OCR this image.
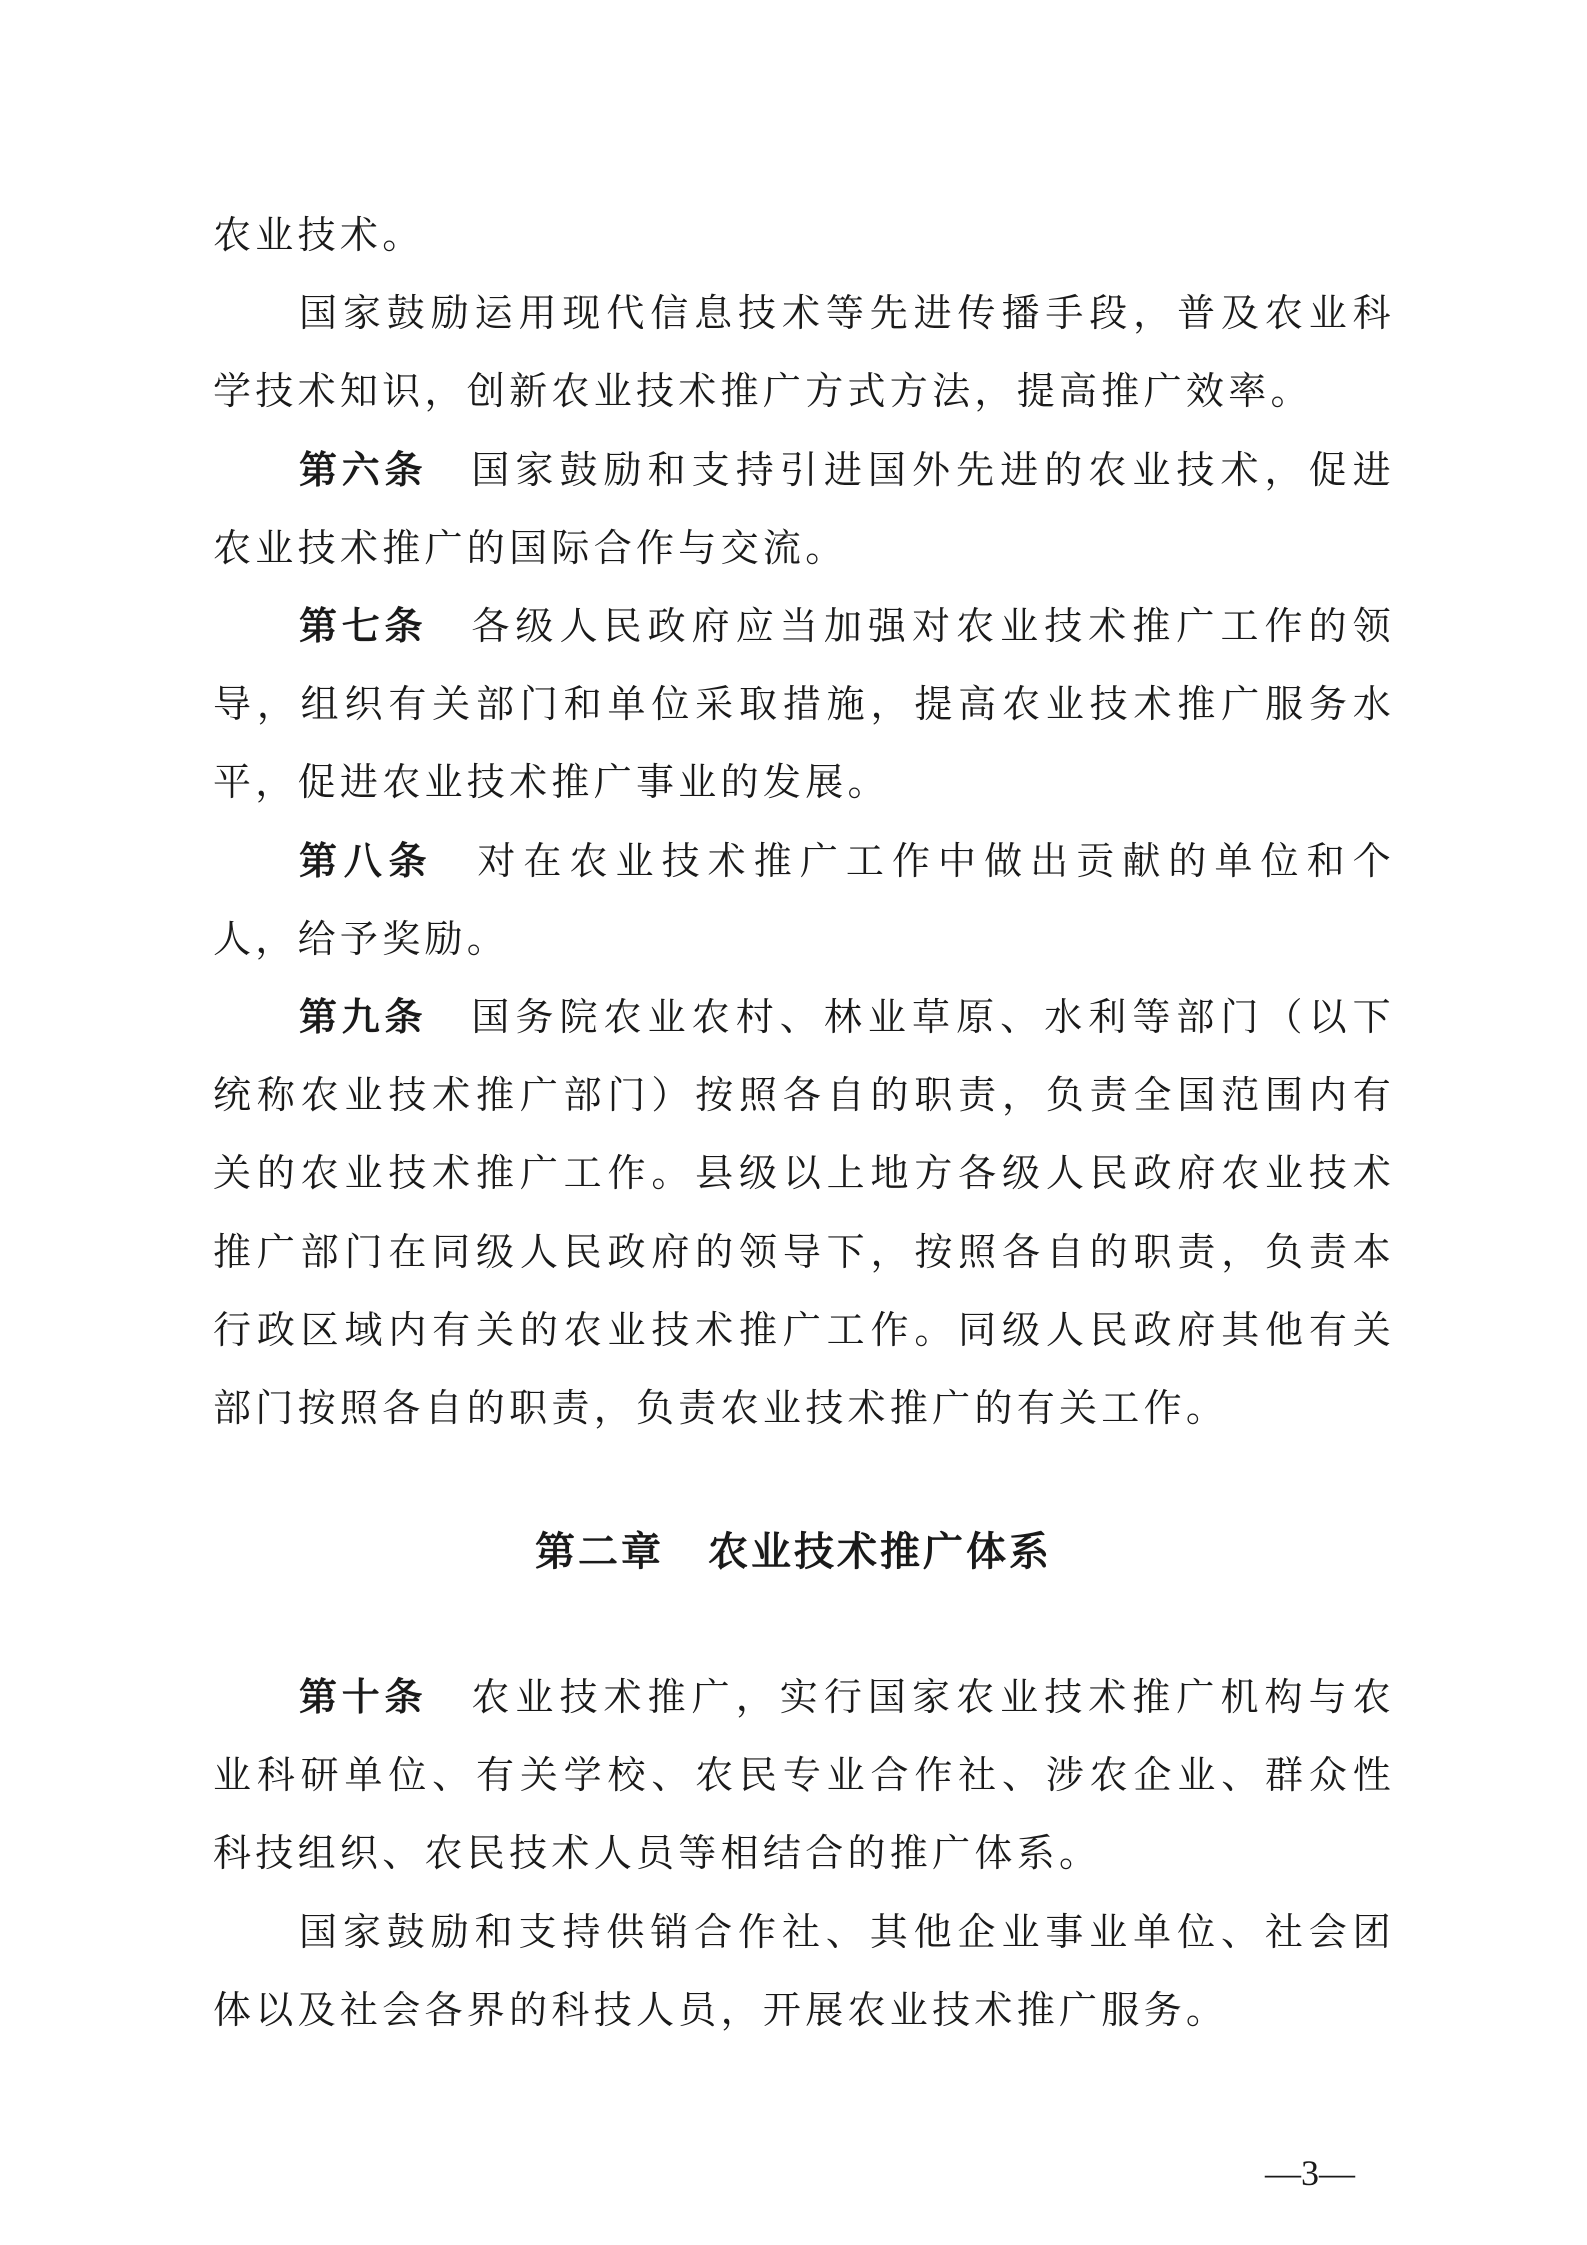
农业技术。

国家鼓励运用现代信息技术等先进传播手段，普及农业科学技术知识，创新农业技术推广方式方法，提高推广效率。

第六条 国家鼓励和支持引进国外先进的农业技术，促进农业技术推广的国际合作与交流。

第七条 各级人民政府应当加强对农业技术推广工作的领导，组织有关部门和单位采取措施，提高农业技术推广服务水平，促进农业技术推广事业的发展。

第八条 对在农业技术推广工作中做出贡献的单位和个人，给予奖励。

第九条 国务院农业农村、林业草原、水利等部门（以下统称农业技术推广部门）按照各自的职责，负责全国范围内有关的农业技术推广工作。县级以上地方各级人民政府农业技术推广部门在同级人民政府的领导下，按照各自的职责，负责本行政区域内有关的农业技术推广工作。同级人民政府其他有关部门按照各自的职责，负责农业技术推广的有关工作。

第二章 农业技术推广体系

第十条 农业技术推广，实行国家农业技术推广机构与农业科研单位、有关学校、农民专业合作社、涉农企业、群众性科技组织、农民技术人员等相结合的推广体系。

国家鼓励和支持供销合作社、其他企业事业单位、社会团体以及社会各界的科技人员，开展农业技术推广服务。

—3—
